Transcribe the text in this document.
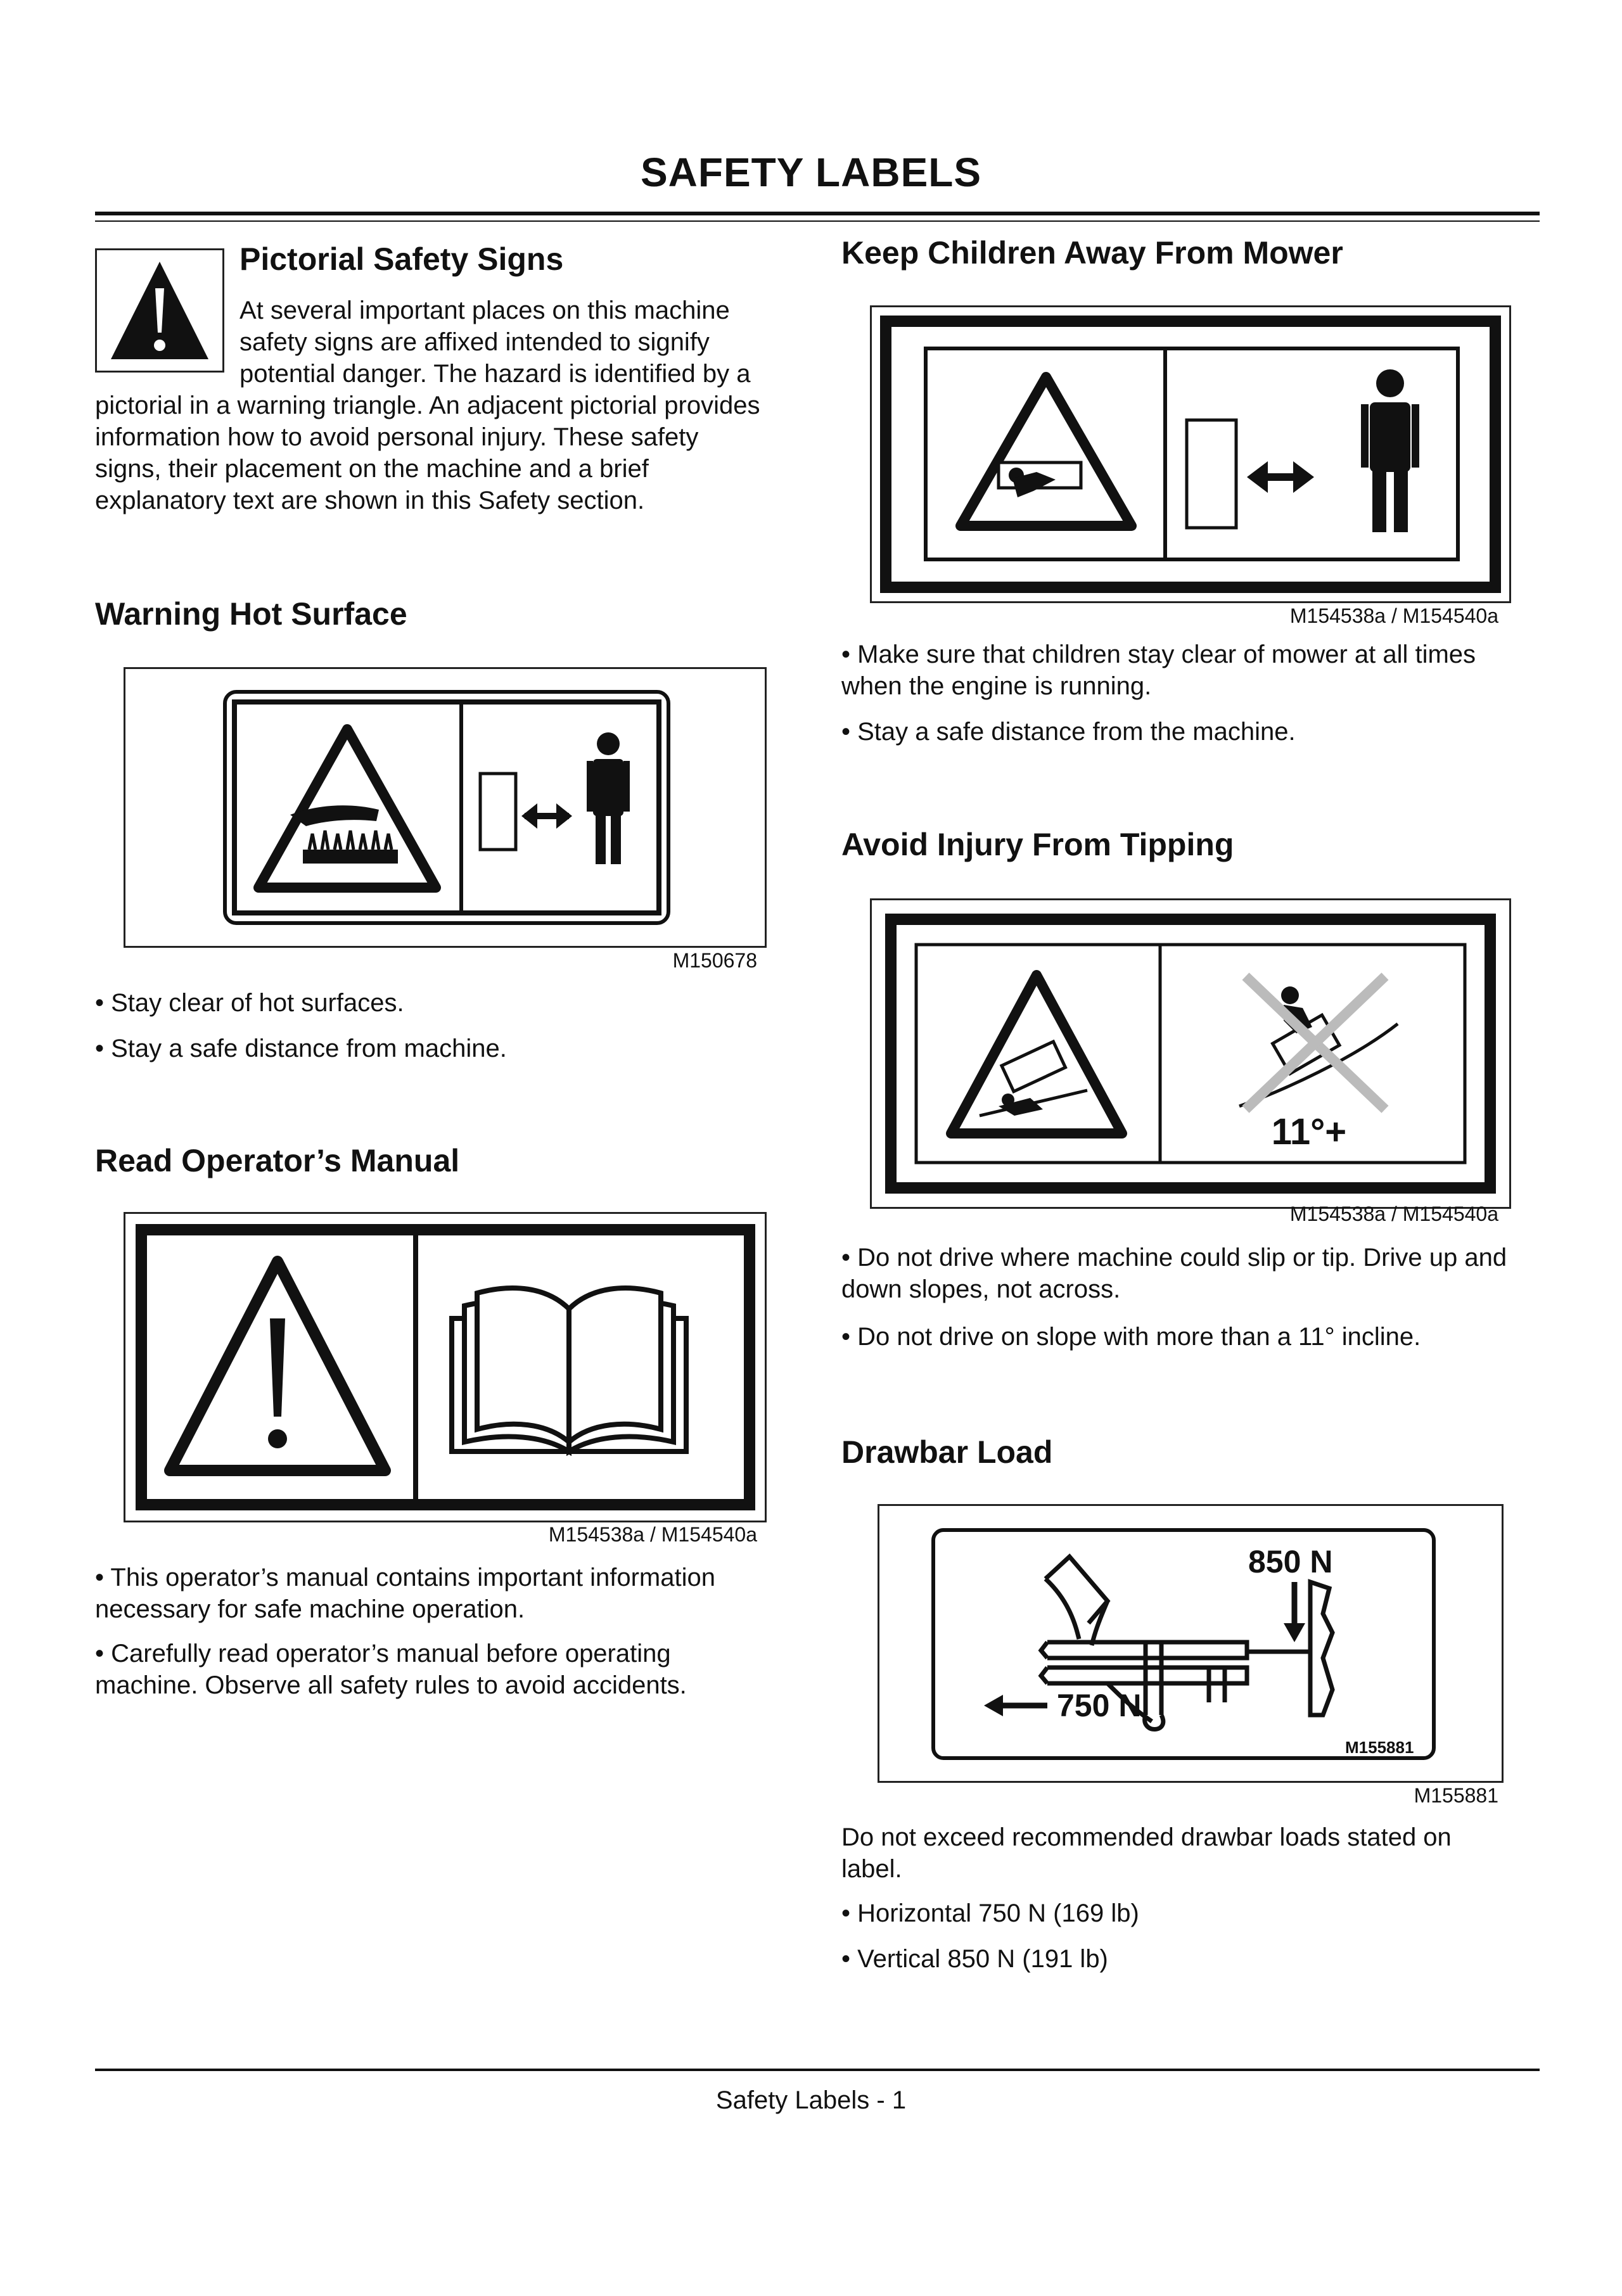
SAFETY LABELS
Pictorial Safety Signs

At several important places on this machine

safety signs are affixed intended to signify

potential danger. The hazard is identified by a

pictorial in a warning triangle. An adjacent pictorial provides

information how to avoid personal injury. These safety

signs, their placement on the machine and a brief

explanatory text are shown in this Safety section.

Warning Hot Surface
M150678

• Stay clear of hot surfaces.

• Stay a safe distance from machine.

Read Operator’s Manual
M154538a / M154540a

• This operator’s manual contains important information

necessary for safe machine operation.

• Carefully read operator’s manual before operating

machine. Observe all safety rules to avoid accidents.

Keep Children Away From Mower
M154538a / M154540a

• Make sure that children stay clear of mower at all times

when the engine is running.

• Stay a safe distance from the machine.

Avoid Injury From Tipping
11°+
M154538a / M154540a

• Do not drive where machine could slip or tip. Drive up and

down slopes, not across.

• Do not drive on slope with more than a 11° incline.

Drawbar Load
850 N
750 N
M155881
M155881

Do not exceed recommended drawbar loads stated on

label.

• Horizontal 750 N (169 lb)

• Vertical 850 N (191 lb)

Safety Labels - 1
